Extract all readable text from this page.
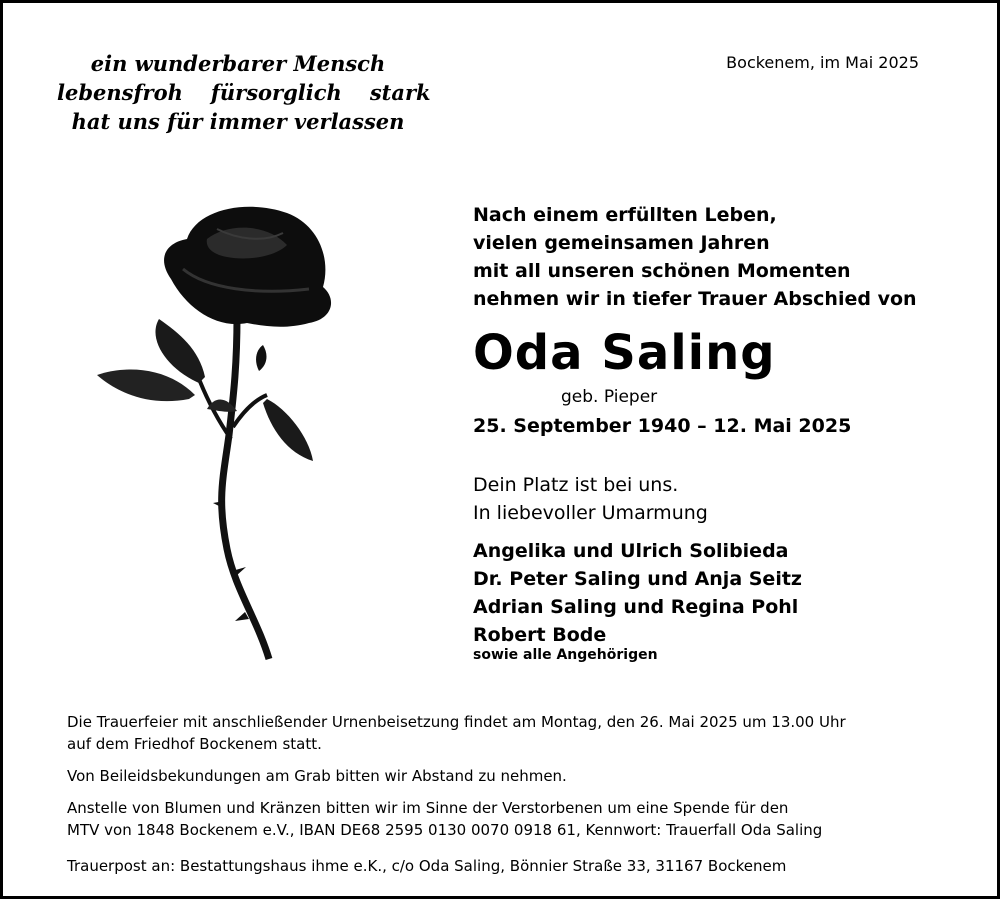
ein wunderbarer Mensch
lebensfroh fürsorglich stark
hat uns für immer verlassen
Bockenem, im Mai 2025
Nach einem erfüllten Leben,
vielen gemeinsamen Jahren
mit all unseren schönen Momenten
nehmen wir in tiefer Trauer Abschied von
Oda Saling
geb. Pieper
25. September 1940 – 12. Mai 2025
Dein Platz ist bei uns.
In liebevoller Umarmung
Angelika und Ulrich Solibieda
Dr. Peter Saling und Anja Seitz
Adrian Saling und Regina Pohl
Robert Bode
sowie alle Angehörigen

Die Trauerfeier mit anschließender Urnenbeisetzung findet am Montag, den 26. Mai 2025 um 13.00 Uhr

auf dem Friedhof Bockenem statt.

Von Beileidsbekundungen am Grab bitten wir Abstand zu nehmen.

Anstelle von Blumen und Kränzen bitten wir im Sinne der Verstorbenen um eine Spende für den

MTV von 1848 Bockenem e.V., IBAN DE68 2595 0130 0070 0918 61, Kennwort: Trauerfall Oda Saling

Trauerpost an: Bestattungshaus ihme e.K., c/o Oda Saling, Bönnier Straße 33, 31167 Bockenem
